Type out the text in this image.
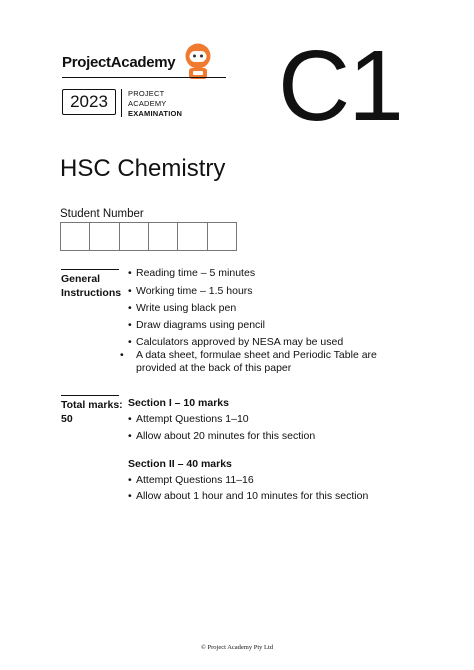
ProjectAcademy
2023	PROJECT
ACADEMY
EXAMINATION C1
HSC Chemistry
Student Number
General
Instructions
• Reading time – 5 minutes
• Working time – 1.5 hours
• Write using black pen
• Draw diagrams using pencil
• Calculators approved by NESA may be used
• A data sheet, formulae sheet and Periodic Table are provided at the back of this paper
Total marks:
50
Section I – 10 marks
• Attempt Questions 1–10
• Allow about 20 minutes for this section
Section II – 40 marks
• Attempt Questions 11–16
• Allow about 1 hour and 10 minutes for this section
© Project Academy Pty Ltd
